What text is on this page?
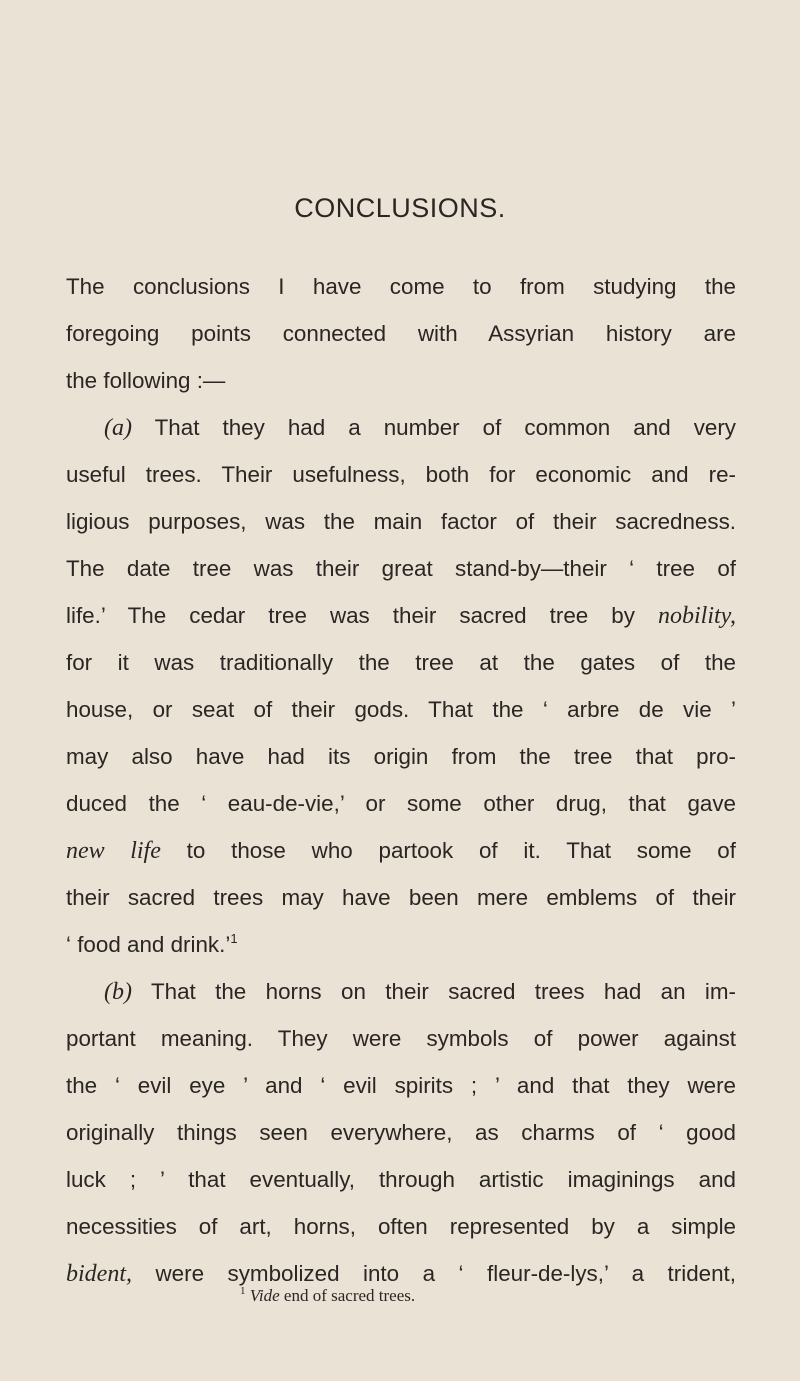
CONCLUSIONS.
The conclusions I have come to from studying the
foregoing points connected with Assyrian history are
the following :—
(a) That they had a number of common and very
useful trees. Their usefulness, both for economic and re-
ligious purposes, was the main factor of their sacredness.
The date tree was their great stand-by—their ‘ tree of
life.’ The cedar tree was their sacred tree by nobility,
for it was traditionally the tree at the gates of the
house, or seat of their gods. That the ‘ arbre de vie ’
may also have had its origin from the tree that pro-
duced the ‘ eau-de-vie,’ or some other drug, that gave
new life to those who partook of it. That some of
their sacred trees may have been mere emblems of their
‘ food and drink.’$^1$
(b) That the horns on their sacred trees had an im-
portant meaning. They were symbols of power against
the ‘ evil eye ’ and ‘ evil spirits ; ’ and that they were
originally things seen everywhere, as charms of ‘ good
luck ; ’ that eventually, through artistic imaginings and
necessities of art, horns, often represented by a simple
bident, were symbolized into a ‘ fleur-de-lys,’ a trident,
$^1$ Vide end of sacred trees.
